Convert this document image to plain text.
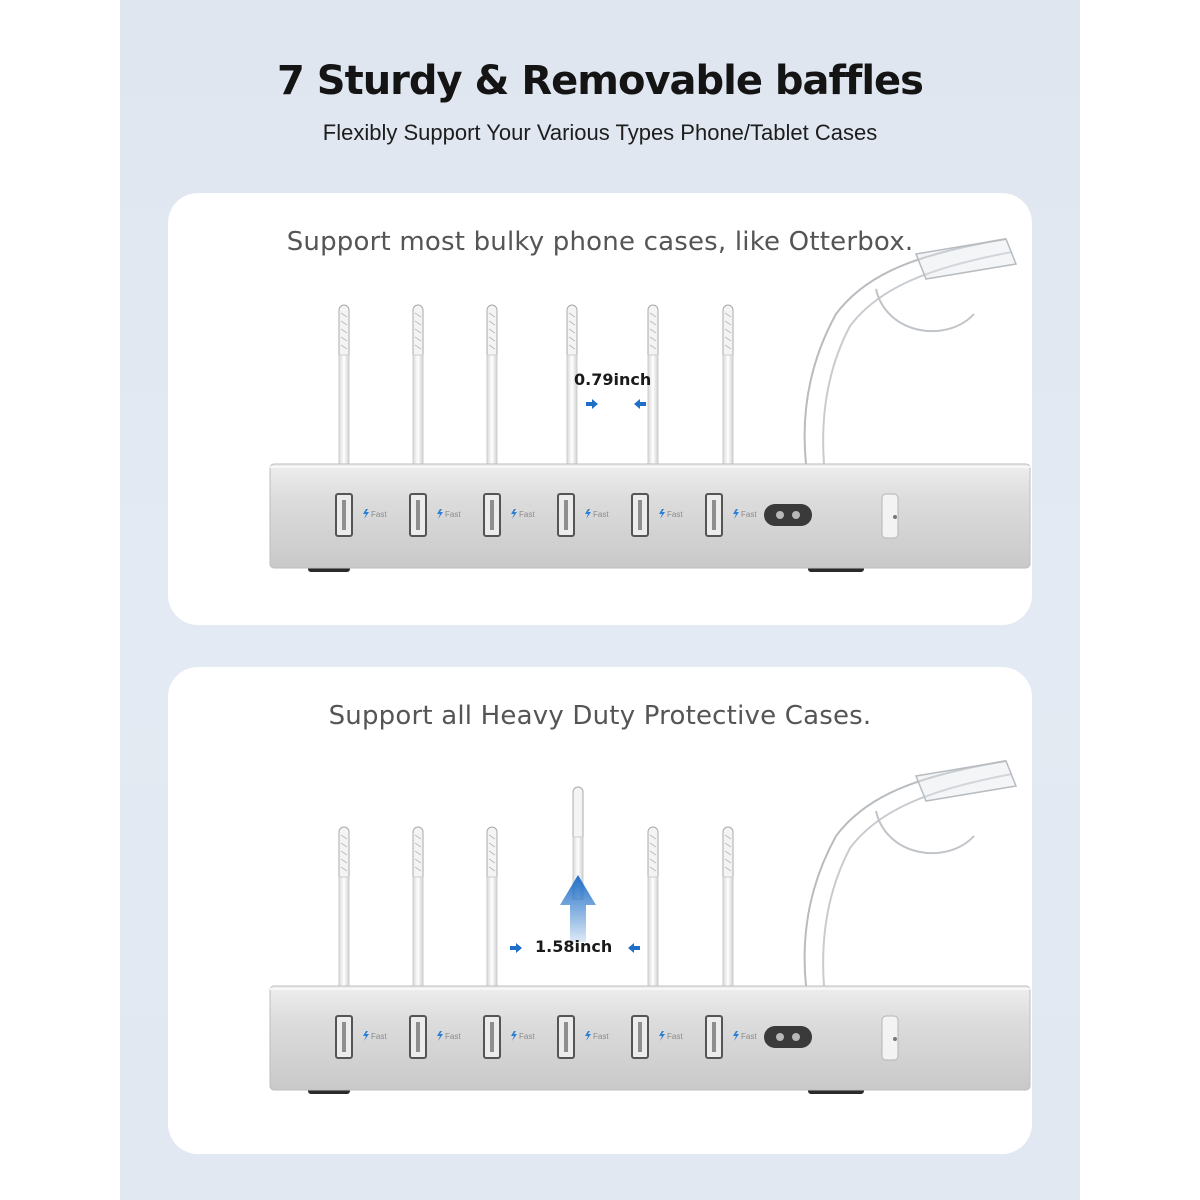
7 Sturdy & Removable baffles
Flexibly Support Your Various Types Phone/Tablet Cases
Support most bulky phone cases, like Otterbox.
0.79inch
Fast	Fast	Fast	Fast	Fast	Fast
Support all Heavy Duty Protective Cases.
1.58inch
Fast	Fast	Fast	Fast	Fast	Fast
